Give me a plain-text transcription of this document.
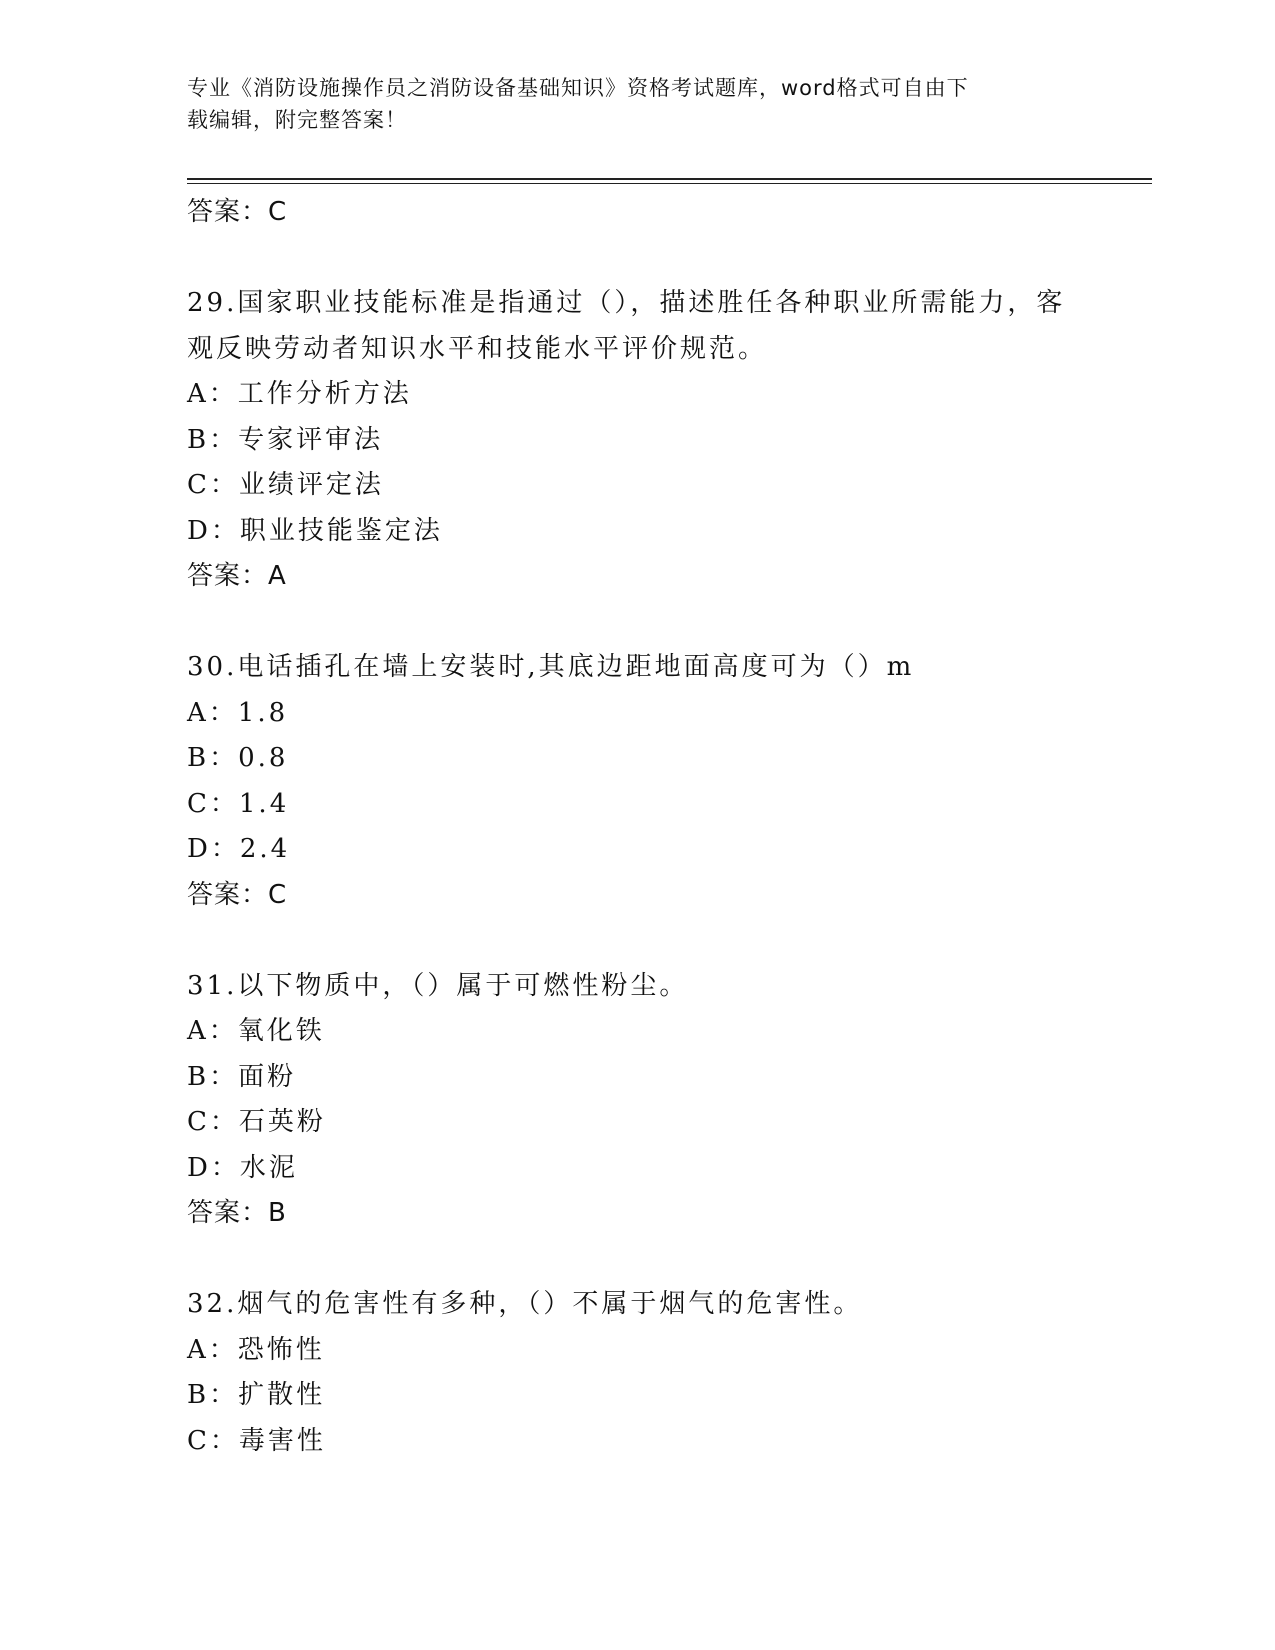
专业《消防设施操作员之消防设备基础知识》资格考试题库，word格式可自由下
载编辑，附完整答案！
答案：C
29.国家职业技能标准是指通过（），描述胜任各种职业所需能力，客
观反映劳动者知识水平和技能水平评价规范。
A：工作分析方法
B：专家评审法
C：业绩评定法
D：职业技能鉴定法
答案：A
30.电话插孔在墙上安装时,其底边距地面高度可为（）m
A：1.8
B：0.8
C：1.4
D：2.4
答案：C
31.以下物质中，（）属于可燃性粉尘。
A：氧化铁
B：面粉
C：石英粉
D：水泥
答案：B
32.烟气的危害性有多种，（）不属于烟气的危害性。
A：恐怖性
B：扩散性
C：毒害性
